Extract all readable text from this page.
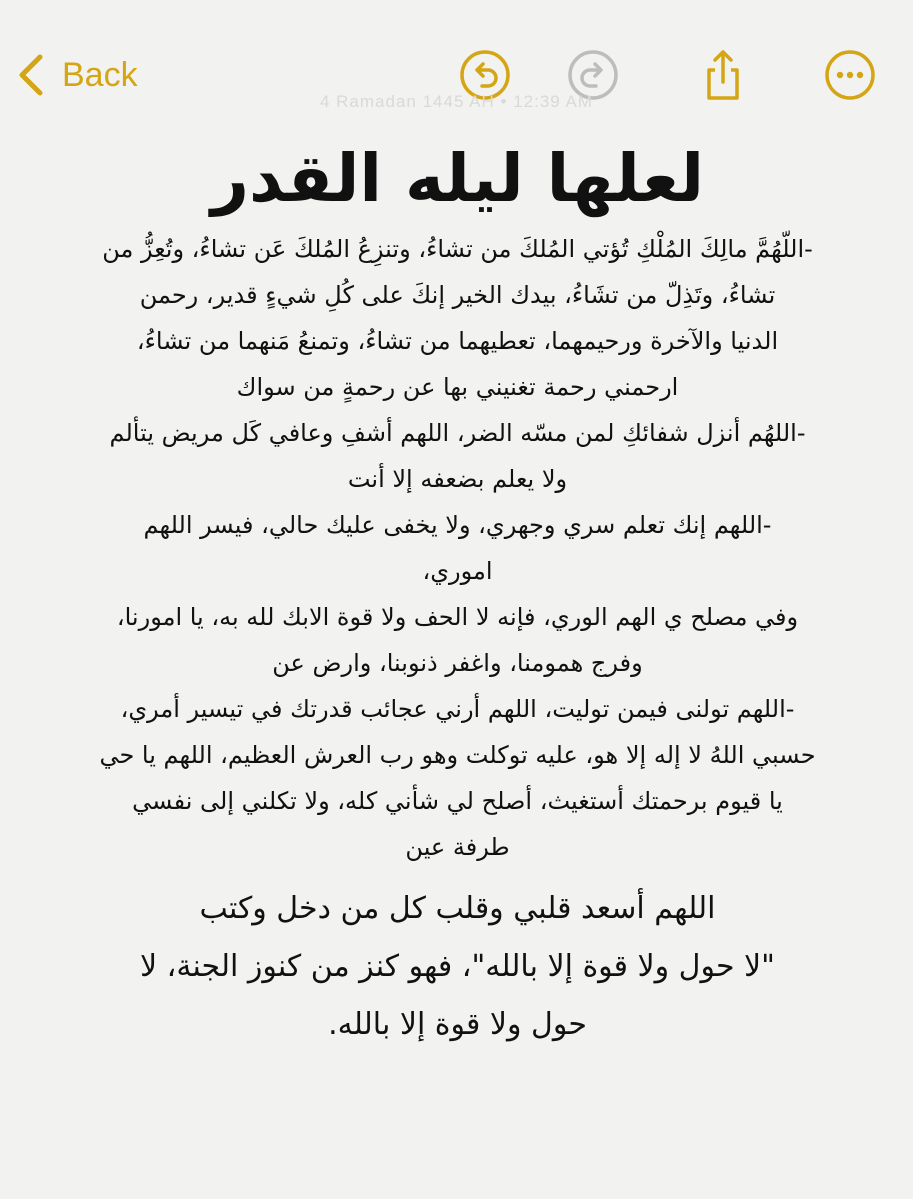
Back
4 Ramadan 1445 AH • 12:39 AM
لعلها ليله القدر
-اللّهُمَّ مالِكَ المُلْكِ تُؤتي المُلكَ من تشاءُ، وتنزِعُ المُلكَ عَن تشاءُ، وتُعِزُّ من
تشاءُ، وتَذِلّ من تشَاءُ، بيدك الخير إنكَ على كُلِ شيءٍ قدير، رحمن
الدنيا والآخرة ورحيمهما، تعطيهما من تشاءُ، وتمنعُ مَنهما من تشاءُ،
ارحمني رحمة تغنيني بها عن رحمةٍ من سواك
-اللهُم أنزل شفائكِ لمن مسّه الضر، اللهم أشفِ وعافي كَل مريض يتألم
ولا يعلم بضعفه إلا أنت
-اللهم إنك تعلم سري وجهري، ولا يخفى عليك حالي، فيسر اللهم
اموري،
وفي مصلح ي الهم الوري، فإنه لا الحف ولا قوة الابك لله به، يا امورنا،
وفرج همومنا، واغفر ذنوبنا، وارض عن
-اللهم تولنى فيمن توليت، اللهم أرني عجائب قدرتك في تيسير أمري،
حسبي اللهُ لا إله إلا هو، عليه توكلت وهو رب العرش العظيم، اللهم يا حي
يا قيوم برحمتك أستغيث، أصلح لي شأني كله، ولا تكلني إلى نفسي
طرفة عين
اللهم أسعد قلبي وقلب كل من دخل وكتب
"لا حول ولا قوة إلا بالله"، فهو كنز من كنوز الجنة، لا
حول ولا قوة إلا بالله.
